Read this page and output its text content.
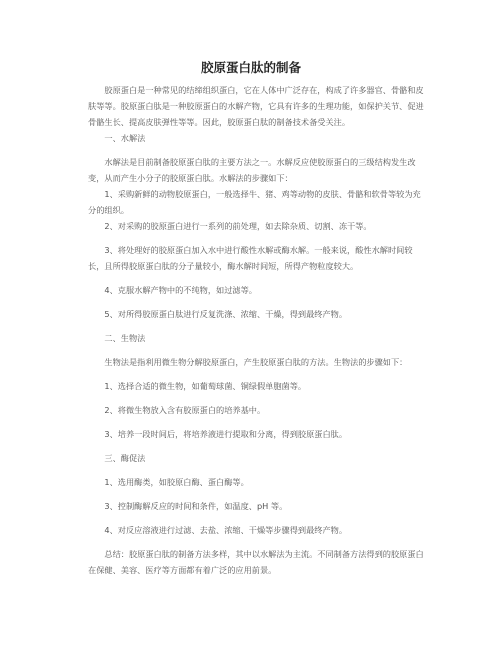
胶原蛋白肽的制备

胶原蛋白是一种常见的结缔组织蛋白，它在人体中广泛存在，构成了许多器官、骨骼和皮肤等等。胶原蛋白肽是一种胶原蛋白的水解产物，它具有许多的生理功能，如保护关节、促进骨骼生长、提高皮肤弹性等等。因此，胶原蛋白肽的制备技术备受关注。

一、水解法

水解法是目前制备胶原蛋白肽的主要方法之一。水解反应使胶原蛋白的三级结构发生改变，从而产生小分子的胶原蛋白肽。水解法的步骤如下：

1、采购新鲜的动物胶原蛋白，一般选择牛、猪、鸡等动物的皮肤、骨骼和软骨等较为充分的组织。

2、对采购的胶原蛋白进行一系列的前处理，如去除杂质、切割、冻干等。

3、将处理好的胶原蛋白加入水中进行酸性水解或酶水解。一般来说，酸性水解时间较长，且所得胶原蛋白肽的分子量较小，酶水解时间短，所得产物粒度较大。

4、克服水解产物中的不纯物，如过滤等。

5、对所得胶原蛋白肽进行反复洗涤、浓缩、干燥，得到最终产物。

二、生物法

生物法是指利用微生物分解胶原蛋白，产生胶原蛋白肽的方法。生物法的步骤如下：

1、选择合适的微生物，如葡萄球菌、铜绿假单胞菌等。

2、将微生物放入含有胶原蛋白的培养基中。

3、培养一段时间后，将培养液进行提取和分离，得到胶原蛋白肽。

三、酶促法

1、选用酶类，如胶原白酶、蛋白酶等。

3、控制酶解反应的时间和条件，如温度、pH 等。

4、对反应溶液进行过滤、去盐、浓缩、干燥等步骤得到最终产物。

总结：胶原蛋白肽的制备方法多样，其中以水解法为主流。不同制备方法得到的胶原蛋白在保健、美容、医疗等方面都有着广泛的应用前景。
